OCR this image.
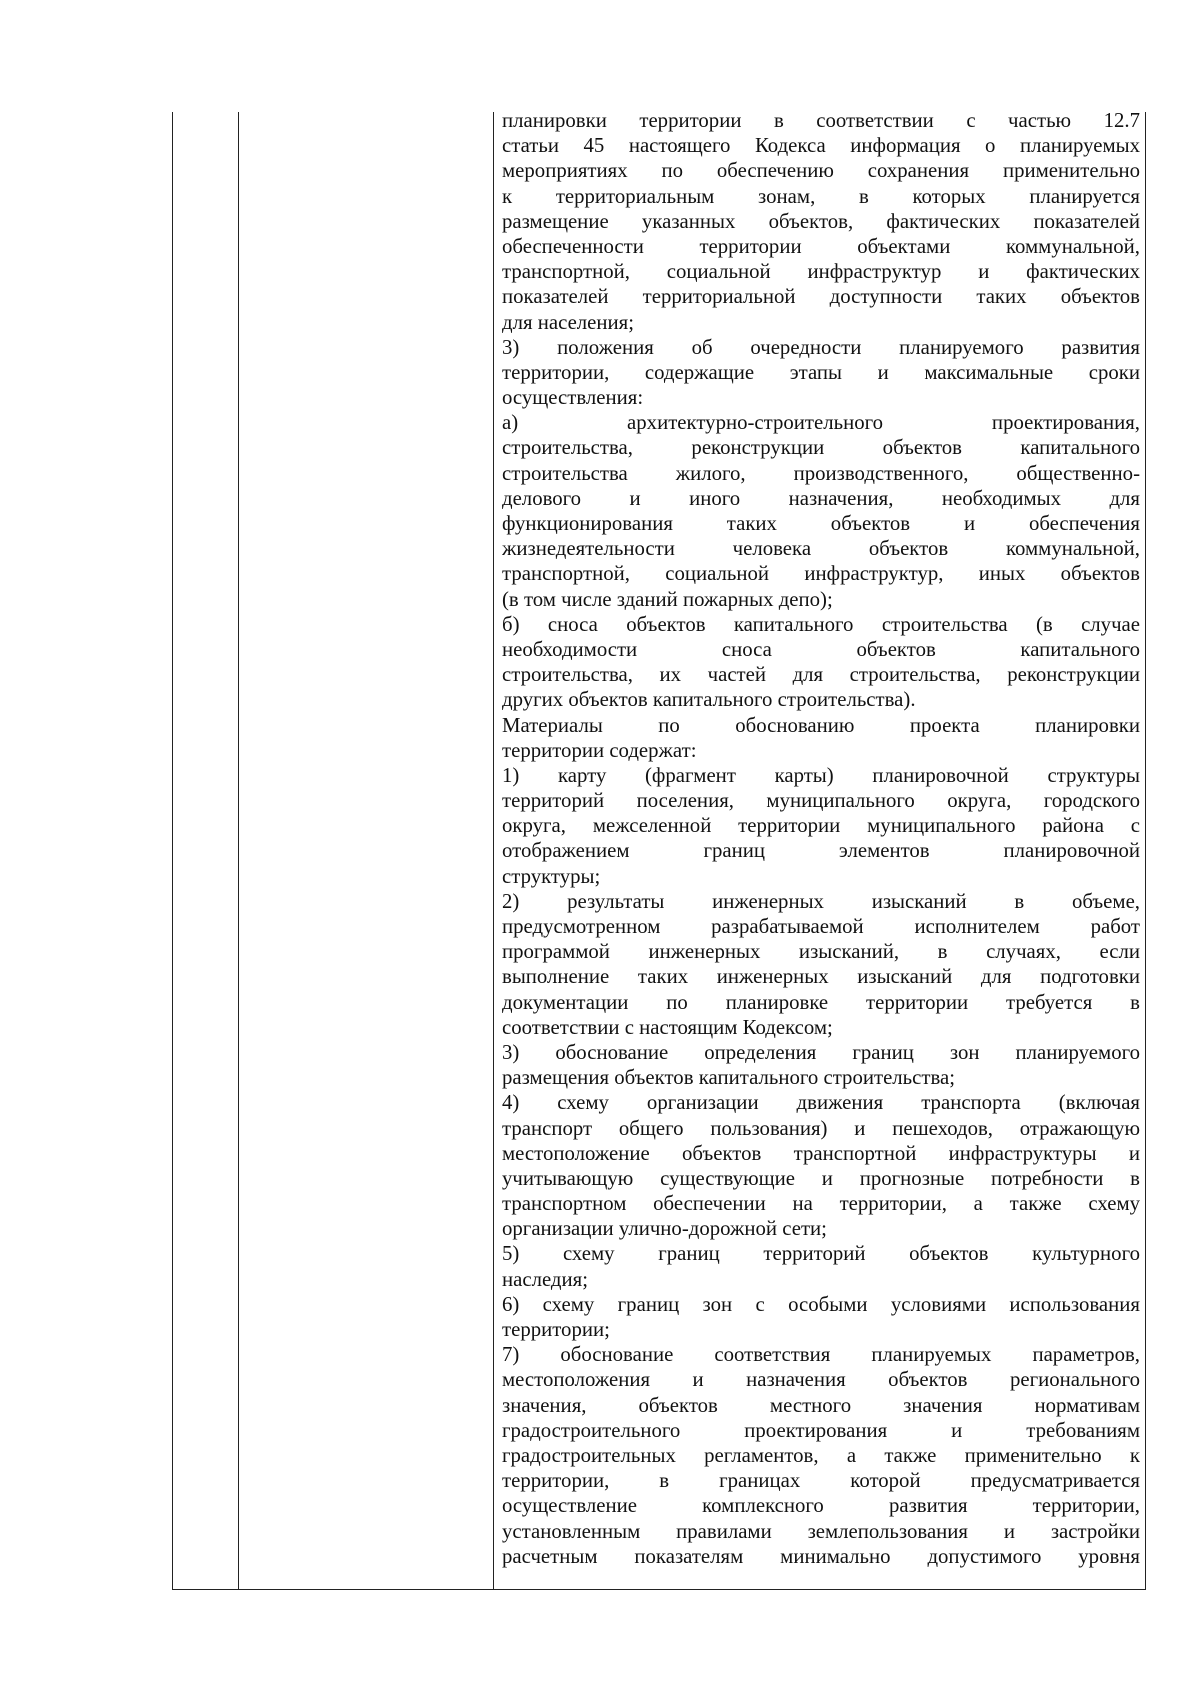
планировки территории в соответствии с частью 12.7
статьи 45 настоящего Кодекса информация о планируемых
мероприятиях по обеспечению сохранения применительно
к территориальным зонам, в которых планируется
размещение указанных объектов, фактических показателей
обеспеченности территории объектами коммунальной,
транспортной, социальной инфраструктур и фактических
показателей территориальной доступности таких объектов
для населения;
3) положения об очередности планируемого развития
территории, содержащие этапы и максимальные сроки
осуществления:
а) архитектурно-строительного проектирования,
строительства, реконструкции объектов капитального
строительства жилого, производственного, общественно-
делового и иного назначения, необходимых для
функционирования таких объектов и обеспечения
жизнедеятельности человека объектов коммунальной,
транспортной, социальной инфраструктур, иных объектов
(в том числе зданий пожарных депо);
б) сноса объектов капитального строительства (в случае
необходимости сноса объектов капитального
строительства, их частей для строительства, реконструкции
других объектов капитального строительства).
Материалы по обоснованию проекта планировки
территории содержат:
1) карту (фрагмент карты) планировочной структуры
территорий поселения, муниципального округа, городского
округа, межселенной территории муниципального района с
отображением границ элементов планировочной
структуры;
2) результаты инженерных изысканий в объеме,
предусмотренном разрабатываемой исполнителем работ
программой инженерных изысканий, в случаях, если
выполнение таких инженерных изысканий для подготовки
документации по планировке территории требуется в
соответствии с настоящим Кодексом;
3) обоснование определения границ зон планируемого
размещения объектов капитального строительства;
4) схему организации движения транспорта (включая
транспорт общего пользования) и пешеходов, отражающую
местоположение объектов транспортной инфраструктуры и
учитывающую существующие и прогнозные потребности в
транспортном обеспечении на территории, а также схему
организации улично-дорожной сети;
5) схему границ территорий объектов культурного
наследия;
6) схему границ зон с особыми условиями использования
территории;
7) обоснование соответствия планируемых параметров,
местоположения и назначения объектов регионального
значения, объектов местного значения нормативам
градостроительного проектирования и требованиям
градостроительных регламентов, а также применительно к
территории, в границах которой предусматривается
осуществление комплексного развития территории,
установленным правилами землепользования и застройки
расчетным показателям минимально допустимого уровня
